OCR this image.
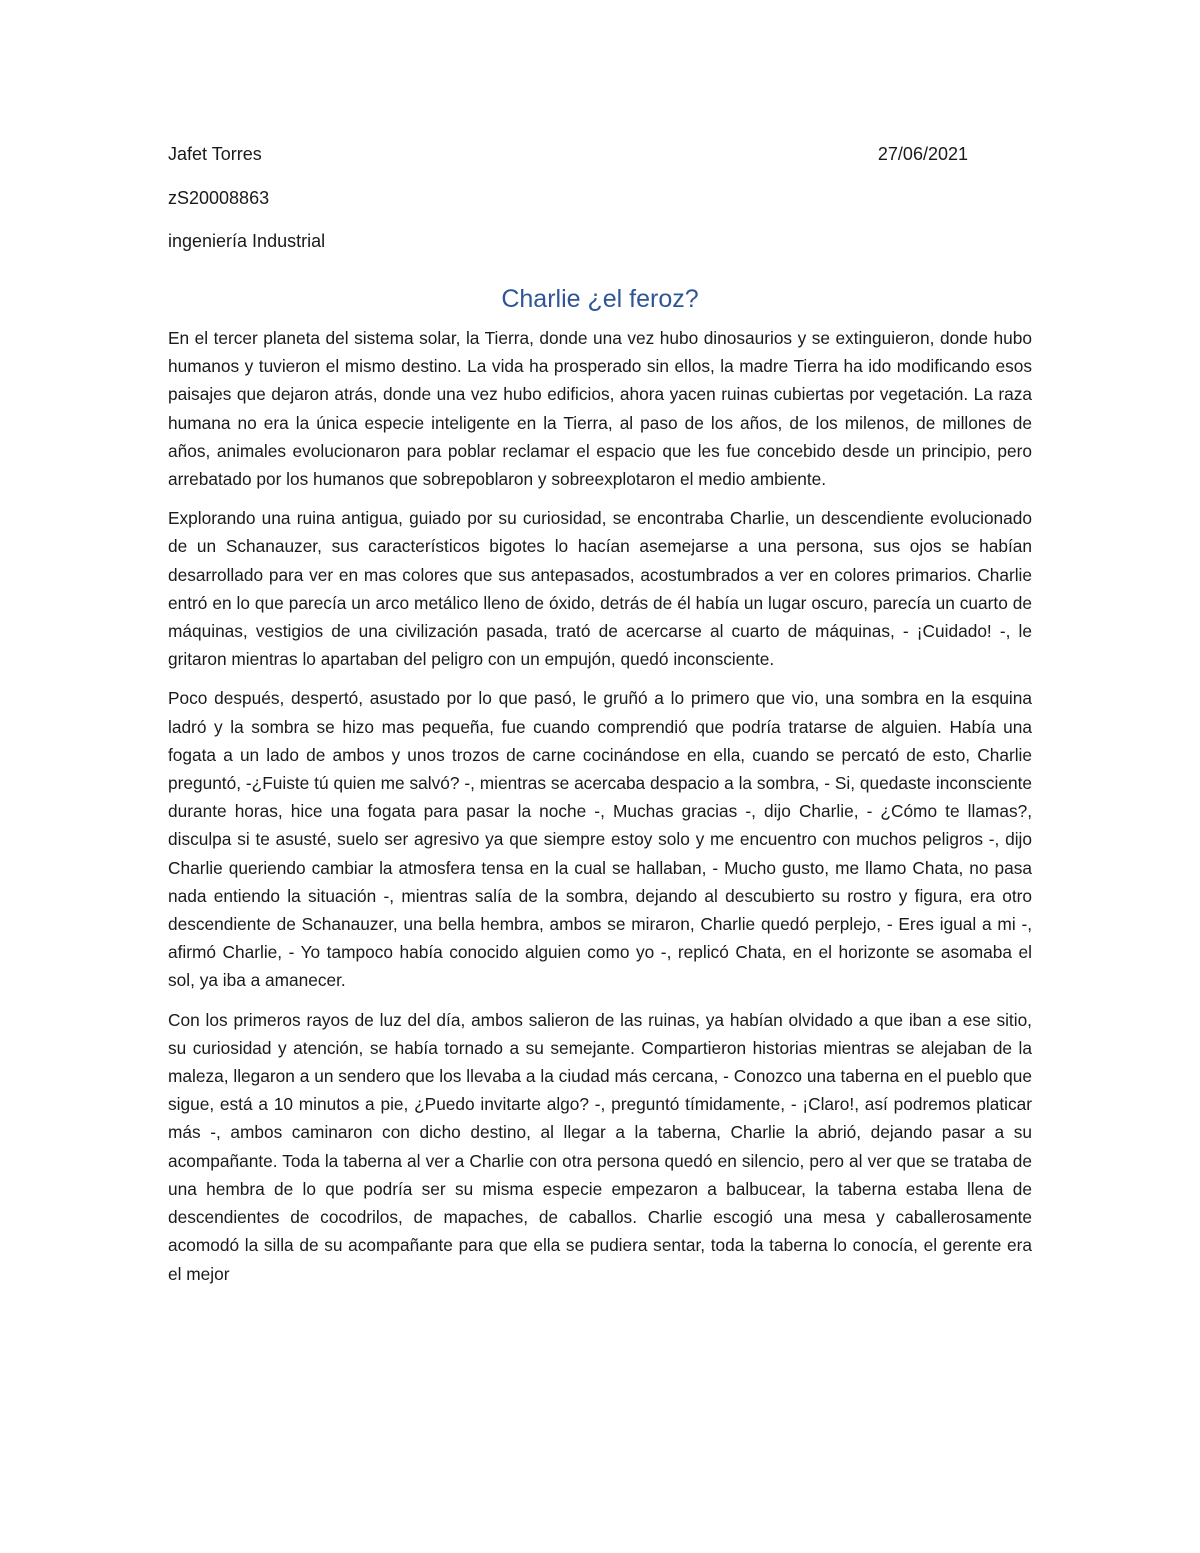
Jafet Torres	27/06/2021
zS20008863
ingeniería Industrial
Charlie ¿el feroz?

En el tercer planeta del sistema solar, la Tierra, donde una vez hubo dinosaurios y se extinguieron, donde hubo humanos y tuvieron el mismo destino. La vida ha prosperado sin ellos, la madre Tierra ha ido modificando esos paisajes que dejaron atrás, donde una vez hubo edificios, ahora yacen ruinas cubiertas por vegetación. La raza humana no era la única especie inteligente en la Tierra, al paso de los años, de los milenos, de millones de años, animales evolucionaron para poblar reclamar el espacio que les fue concebido desde un principio, pero arrebatado por los humanos que sobrepoblaron y sobreexplotaron el medio ambiente.

Explorando una ruina antigua, guiado por su curiosidad, se encontraba Charlie, un descendiente evolucionado de un Schanauzer, sus característicos bigotes lo hacían asemejarse a una persona, sus ojos se habían desarrollado para ver en mas colores que sus antepasados, acostumbrados a ver en colores primarios. Charlie entró en lo que parecía un arco metálico lleno de óxido, detrás de él había un lugar oscuro, parecía un cuarto de máquinas, vestigios de una civilización pasada, trató de acercarse al cuarto de máquinas, - ¡Cuidado! -, le gritaron mientras lo apartaban del peligro con un empujón, quedó inconsciente.

Poco después, despertó, asustado por lo que pasó, le gruñó a lo primero que vio, una sombra en la esquina ladró y la sombra se hizo mas pequeña, fue cuando comprendió que podría tratarse de alguien. Había una fogata a un lado de ambos y unos trozos de carne cocinándose en ella, cuando se percató de esto, Charlie preguntó, -¿Fuiste tú quien me salvó? -, mientras se acercaba despacio a la sombra, - Si, quedaste inconsciente durante horas, hice una fogata para pasar la noche -, Muchas gracias -, dijo Charlie, - ¿Cómo te llamas?, disculpa si te asusté, suelo ser agresivo ya que siempre estoy solo y me encuentro con muchos peligros -, dijo Charlie queriendo cambiar la atmosfera tensa en la cual se hallaban, - Mucho gusto, me llamo Chata, no pasa nada entiendo la situación -, mientras salía de la sombra, dejando al descubierto su rostro y figura, era otro descendiente de Schanauzer, una bella hembra, ambos se miraron, Charlie quedó perplejo, - Eres igual a mi -, afirmó Charlie, - Yo tampoco había conocido alguien como yo -, replicó Chata, en el horizonte se asomaba el sol, ya iba a amanecer.

Con los primeros rayos de luz del día, ambos salieron de las ruinas, ya habían olvidado a que iban a ese sitio, su curiosidad y atención, se había tornado a su semejante. Compartieron historias mientras se alejaban de la maleza, llegaron a un sendero que los llevaba a la ciudad más cercana, - Conozco una taberna en el pueblo que sigue, está a 10 minutos a pie, ¿Puedo invitarte algo? -, preguntó tímidamente, - ¡Claro!, así podremos platicar más -, ambos caminaron con dicho destino, al llegar a la taberna, Charlie la abrió, dejando pasar a su acompañante. Toda la taberna al ver a Charlie con otra persona quedó en silencio, pero al ver que se trataba de una hembra de lo que podría ser su misma especie empezaron a balbucear, la taberna estaba llena de descendientes de cocodrilos, de mapaches, de caballos. Charlie escogió una mesa y caballerosamente acomodó la silla de su acompañante para que ella se pudiera sentar, toda la taberna lo conocía, el gerente era el mejor
